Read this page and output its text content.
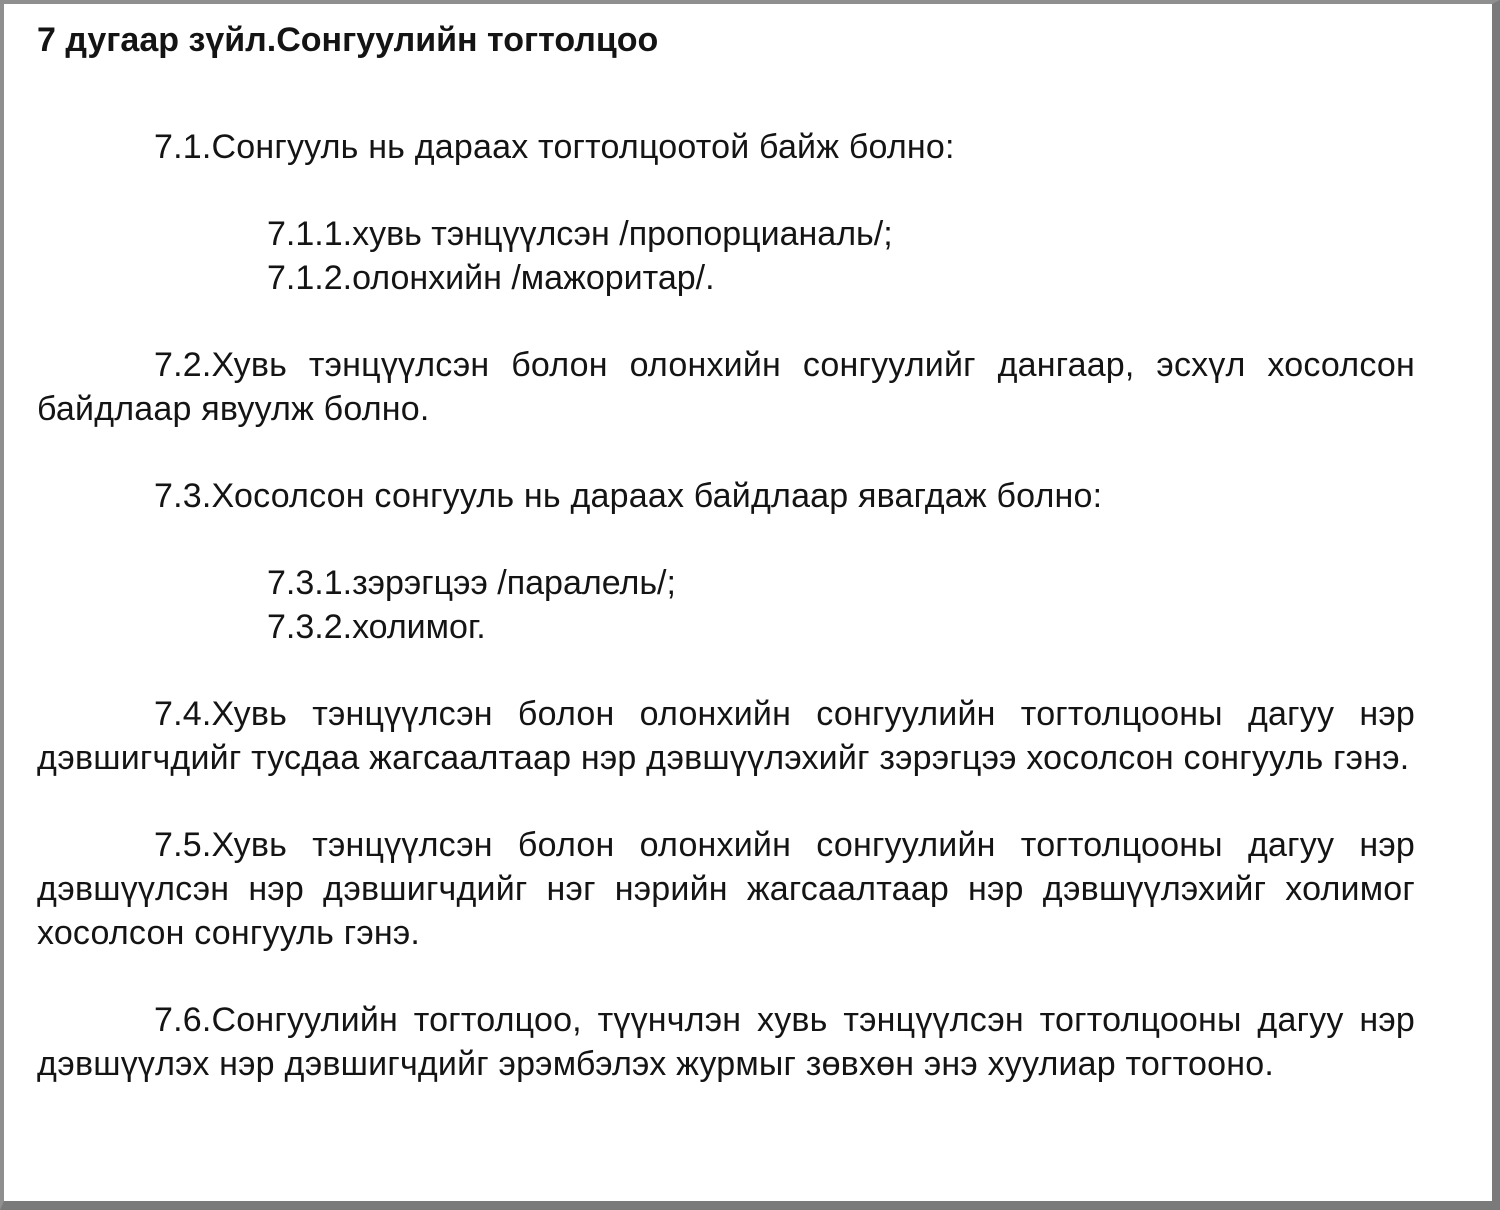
7 дугаар зүйл.Сонгуулийн тогтолцоо

7.1.Сонгууль нь дараах тогтолцоотой байж болно:

7.1.1.хувь тэнцүүлсэн /пропорцианаль/;

7.1.2.олонхийн /мажоритар/.

7.2.Хувь тэнцүүлсэн болон олонхийн сонгуулийг дангаар, эсхүл хосолсон байдлаар явуулж болно.

7.3.Хосолсон сонгууль нь дараах байдлаар явагдаж болно:

7.3.1.зэрэгцээ /паралель/;

7.3.2.холимог.

7.4.Хувь тэнцүүлсэн болон олонхийн сонгуулийн тогтолцооны дагуу нэр дэвшигчдийг тусдаа жагсаалтаар нэр дэвшүүлэхийг зэрэгцээ хосолсон сонгууль гэнэ.

7.5.Хувь тэнцүүлсэн болон олонхийн сонгуулийн тогтолцооны дагуу нэр дэвшүүлсэн нэр дэвшигчдийг нэг нэрийн жагсаалтаар нэр дэвшүүлэхийг холимог хосолсон сонгууль гэнэ.

7.6.Сонгуулийн тогтолцоо, түүнчлэн хувь тэнцүүлсэн тогтолцооны дагуу нэр дэвшүүлэх нэр дэвшигчдийг эрэмбэлэх журмыг зөвхөн энэ хуулиар тогтооно.
